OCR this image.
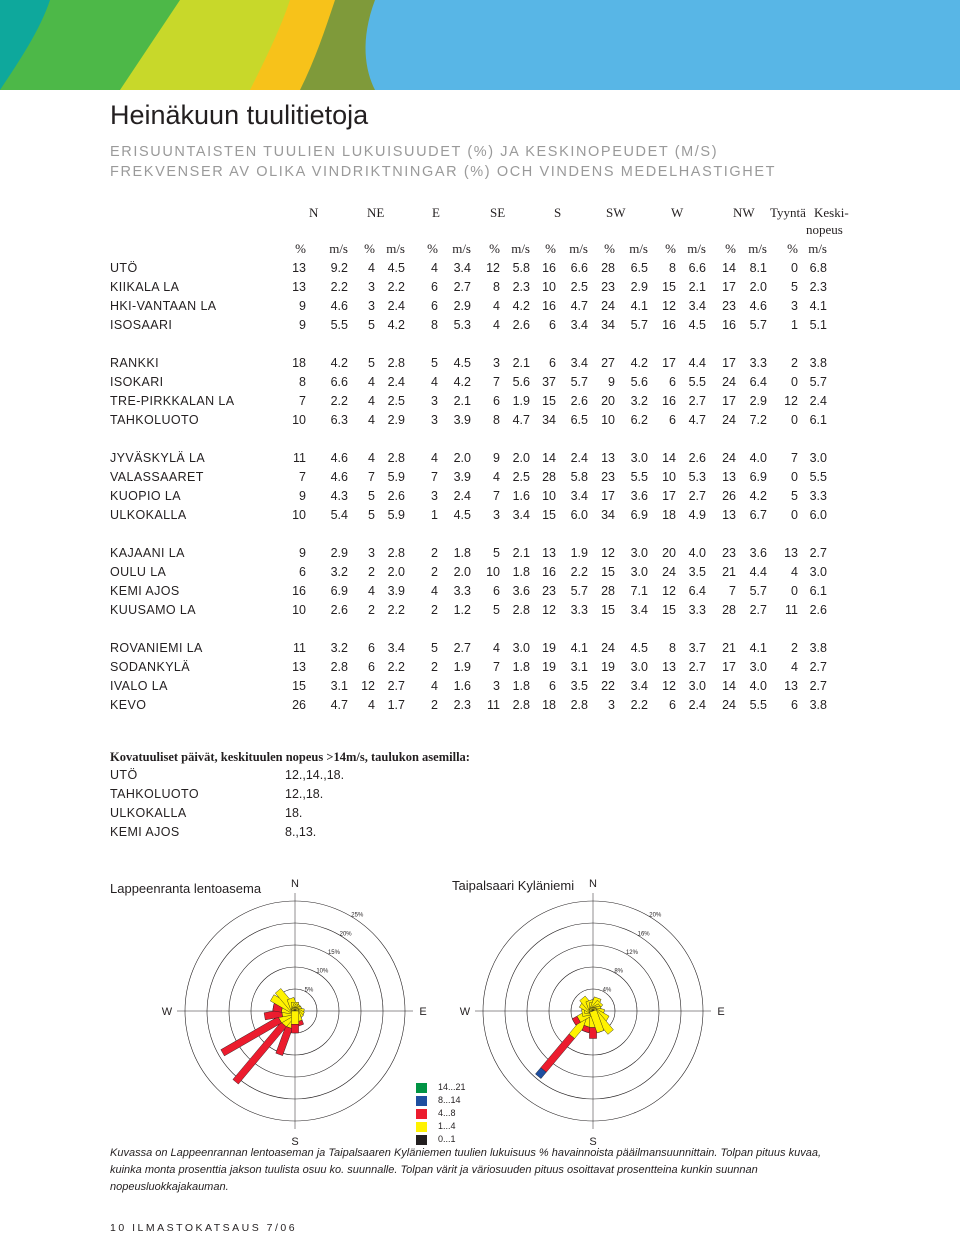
Heinäkuun tuulitietoja
ERISUUNTAISTEN TUULIEN LUKUISUUDET (%) JA KESKINOPEUDET (M/S)
FREKVENSER AV OLIKA VINDRIKTNINGAR (%) OCH VINDENS MEDELHASTIGHET
N	NE	E	SE	S	SW	W	NW Tyyntä Keski-
nopeus
% m/s % m/s % m/s % m/s % m/s % m/s % m/s % m/s % m/s
UTÖ	13 9.2 4 4.5 4 3.4 12 5.8 16 6.6 28 6.5 8 6.6 14 8.1 0 6.8
KIIKALA LA	13 2.2 3 2.2 6 2.7 8 2.3 10 2.5 23 2.9 15 2.1 17 2.0 5 2.3
HKI-VANTAAN LA	9 4.6 3 2.4 6 2.9 4 4.2 16 4.7 24 4.1 12 3.4 23 4.6 3 4.1
ISOSAARI	9 5.5 5 4.2 8 5.3 4 2.6 6 3.4 34 5.7 16 4.5 16 5.7 1 5.1
RANKKI	18 4.2 5 2.8 5 4.5 3 2.1 6 3.4 27 4.2 17 4.4 17 3.3 2 3.8
ISOKARI	8 6.6 4 2.4 4 4.2 7 5.6 37 5.7 9 5.6 6 5.5 24 6.4 0 5.7
TRE-PIRKKALAN LA	7 2.2 4 2.5 3 2.1 6 1.9 15 2.6 20 3.2 16 2.7 17 2.9 12 2.4
TAHKOLUOTO	10 6.3 4 2.9 3 3.9 8 4.7 34 6.5 10 6.2 6 4.7 24 7.2 0 6.1
JYVÄSKYLÄ LA	11 4.6 4 2.8 4 2.0 9 2.0 14 2.4 13 3.0 14 2.6 24 4.0 7 3.0
VALASSAARET	7 4.6 7 5.9 7 3.9 4 2.5 28 5.8 23 5.5 10 5.3 13 6.9 0 5.5
KUOPIO LA	9 4.3 5 2.6 3 2.4 7 1.6 10 3.4 17 3.6 17 2.7 26 4.2 5 3.3
ULKOKALLA	10 5.4 5 5.9 1 4.5 3 3.4 15 6.0 34 6.9 18 4.9 13 6.7 0 6.0
KAJAANI LA	9 2.9 3 2.8 2 1.8 5 2.1 13 1.9 12 3.0 20 4.0 23 3.6 13 2.7
OULU LA	6 3.2 2 2.0 2 2.0 10 1.8 16 2.2 15 3.0 24 3.5 21 4.4 4 3.0
KEMI AJOS	16 6.9 4 3.9 4 3.3 6 3.6 23 5.7 28 7.1 12 6.4 7 5.7 0 6.1
KUUSAMO LA	10 2.6 2 2.2 2 1.2 5 2.8 12 3.3 15 3.4 15 3.3 28 2.7 11 2.6
ROVANIEMI LA	11 3.2 6 3.4 5 2.7 4 3.0 19 4.1 24 4.5 8 3.7 21 4.1 2 3.8
SODANKYLÄ	13 2.8 6 2.2 2 1.9 7 1.8 19 3.1 19 3.0 13 2.7 17 3.0 4 2.7
IVALO LA	15 3.1 12 2.7 4 1.6 3 1.8 6 3.5 22 3.4 12 3.0 14 4.0 13 2.7
KEVO	26 4.7 4 1.7 2 2.3 11 2.8 18 2.8 3 2.2 6 2.4 24 5.5 6 3.8
Kovatuuliset päivät, keskituulen nopeus >14m/s, taulukon asemilla:
UTÖ	12.,14.,18.
TAHKOLUOTO	12.,18.
ULKOKALLA	18.
KEMI AJOS	8.,13.
Lappeenranta lentoasema	Taipalsaari Kyläniemi
5%
10%
15%
20%
25%
N
S
W	E
4%
8%
12%
16%
20%
N
S
W	E
14...21
8...14
4...8
1...4
0...1
Kuvassa on Lappeenrannan lentoaseman ja Taipalsaaren Kyläniemen tuulien lukuisuus % havainnoista pääilmansuunnittain. Tolpan pituus kuvaa, kuinka monta prosenttia jakson tuulista osuu ko. suunnalle. Tolpan värit ja väriosuuden pituus osoittavat prosentteina kunkin suunnan nopeusluokkajakauman.
10 ILMASTOKATSAUS 7/06
